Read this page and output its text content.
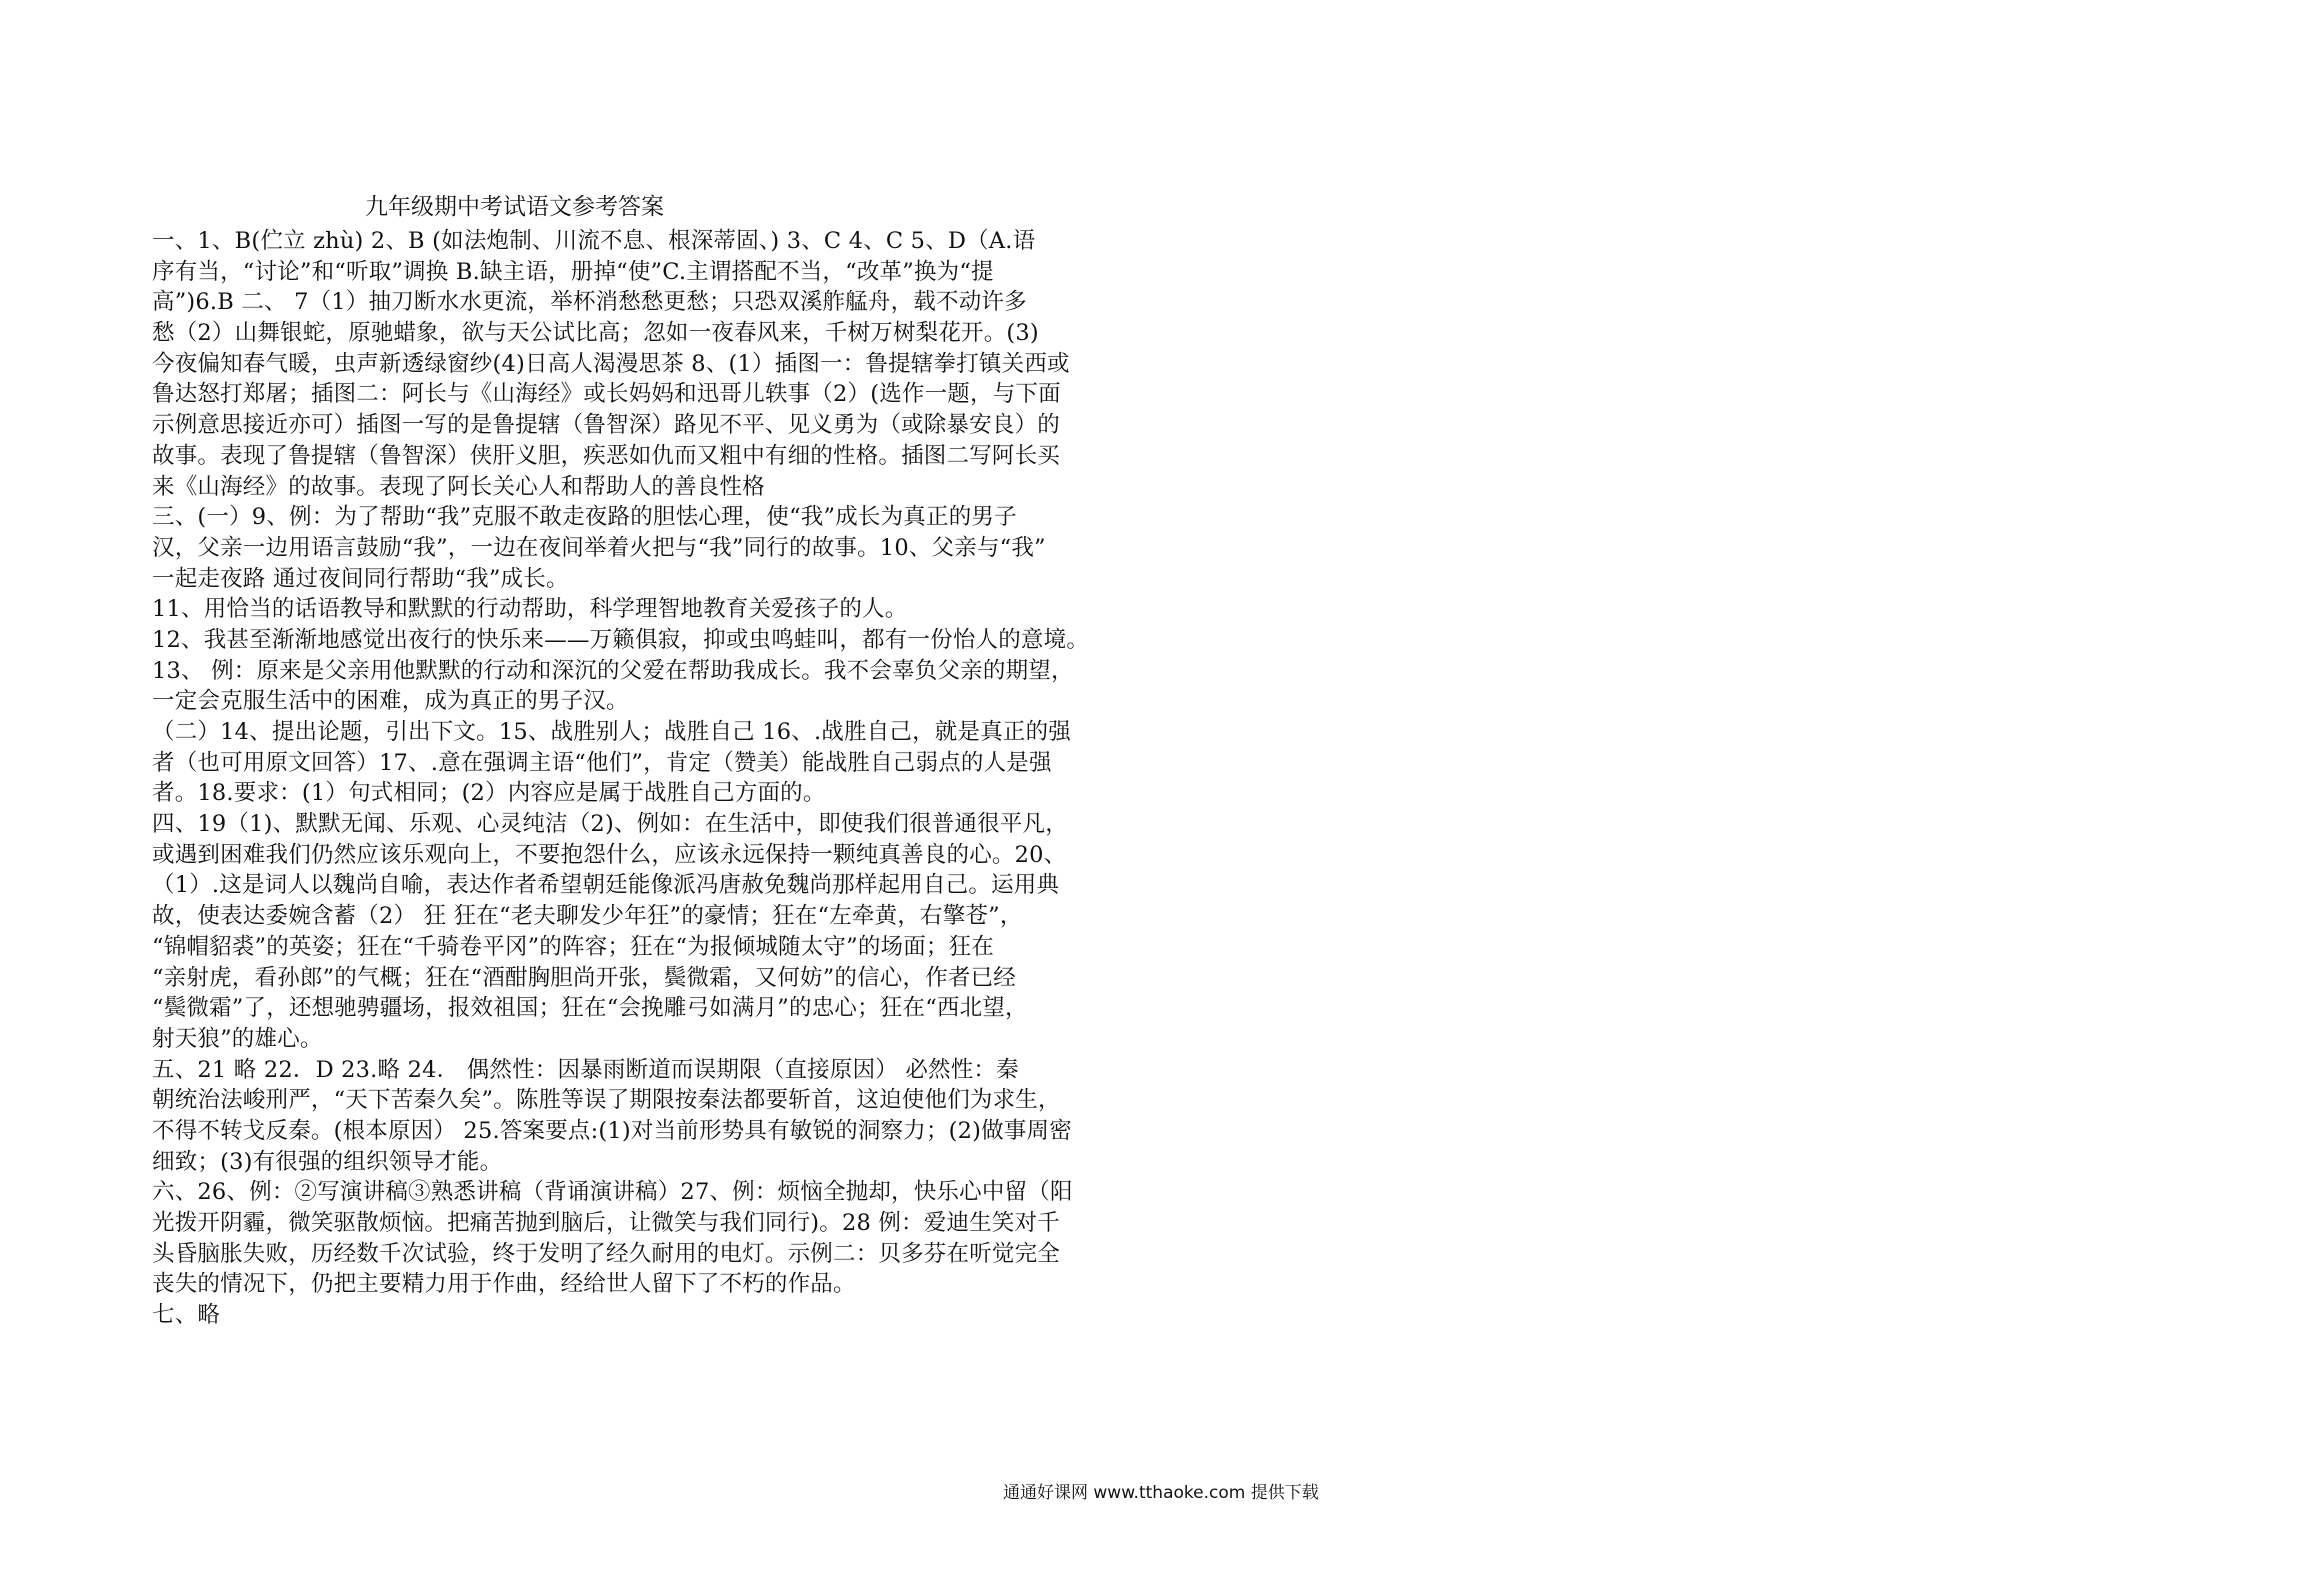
九年级期中考试语文参考答案
一、1、B(伫立 zhù) 2、B (如法炮制、川流不息、根深蒂固、) 3、C 4、C 5、D（A.语
序有当，“讨论”和“听取”调换 B.缺主语，册掉“使”C.主谓搭配不当，“改革”换为“提
高”)6.B 二、 7（1）抽刀断水水更流，举杯消愁愁更愁；只恐双溪舴艋舟，载不动许多
愁（2）山舞银蛇，原驰蜡象，欲与天公试比高；忽如一夜春风来，千树万树梨花开。(3)
今夜偏知春气暖，虫声新透绿窗纱(4)日高人渴漫思茶 8、(1）插图一：鲁提辖拳打镇关西或
鲁达怒打郑屠；插图二：阿长与《山海经》或长妈妈和迅哥儿轶事（2）(选作一题，与下面
示例意思接近亦可）插图一写的是鲁提辖（鲁智深）路见不平、见义勇为（或除暴安良）的
故事。表现了鲁提辖（鲁智深）侠肝义胆，疾恶如仇而又粗中有细的性格。插图二写阿长买
来《山海经》的故事。表现了阿长关心人和帮助人的善良性格
三、(一）9、例：为了帮助“我”克服不敢走夜路的胆怯心理，使“我”成长为真正的男子
汉，父亲一边用语言鼓励“我”，一边在夜间举着火把与“我”同行的故事。10、父亲与“我”
一起走夜路 通过夜间同行帮助“我”成长。
11、用恰当的话语教导和默默的行动帮助，科学理智地教育关爱孩子的人。
12、我甚至渐渐地感觉出夜行的快乐来——万籁俱寂，抑或虫鸣蛙叫，都有一份怡人的意境。
13、 例：原来是父亲用他默默的行动和深沉的父爱在帮助我成长。我不会辜负父亲的期望，
一定会克服生活中的困难，成为真正的男子汉。
（二）14、提出论题，引出下文。15、战胜别人；战胜自己 16、.战胜自己，就是真正的强
者（也可用原文回答）17、.意在强调主语“他们”，肯定（赞美）能战胜自己弱点的人是强
者。18.要求：(1）句式相同；(2）内容应是属于战胜自己方面的。
四、19（1)、默默无闻、乐观、心灵纯洁（2)、例如：在生活中，即使我们很普通很平凡，
或遇到困难我们仍然应该乐观向上，不要抱怨什么，应该永远保持一颗纯真善良的心。20、
（1）.这是词人以魏尚自喻，表达作者希望朝廷能像派冯唐赦免魏尚那样起用自己。运用典
故，使表达委婉含蓄（2） 狂 狂在“老夫聊发少年狂”的豪情；狂在“左牵黄，右擎苍”，
“锦帽貂裘”的英姿；狂在“千骑卷平冈”的阵容；狂在“为报倾城随太守”的场面；狂在
“亲射虎，看孙郎”的气概；狂在“酒酣胸胆尚开张，鬓微霜，又何妨”的信心，作者已经
“鬓微霜”了，还想驰骋疆场，报效祖国；狂在“会挽雕弓如满月”的忠心；狂在“西北望，
射天狼”的雄心。
五、21 略 22．D 23.略 24． 偶然性：因暴雨断道而误期限（直接原因） 必然性：秦
朝统治法峻刑严，“天下苦秦久矣”。陈胜等误了期限按秦法都要斩首，这迫使他们为求生，
不得不转戈反秦。(根本原因） 25.答案要点:(1)对当前形势具有敏锐的洞察力；(2)做事周密
细致；(3)有很强的组织领导才能。
六、26、例：②写演讲稿③熟悉讲稿（背诵演讲稿）27、例：烦恼全抛却，快乐心中留（阳
光拨开阴霾，微笑驱散烦恼。把痛苦抛到脑后，让微笑与我们同行)。28 例：爱迪生笑对千
头昏脑胀失败，历经数千次试验，终于发明了经久耐用的电灯。示例二：贝多芬在听觉完全
丧失的情况下，仍把主要精力用于作曲，经给世人留下了不朽的作品。
七、略
通通好课网 www.tthaoke.com 提供下载
